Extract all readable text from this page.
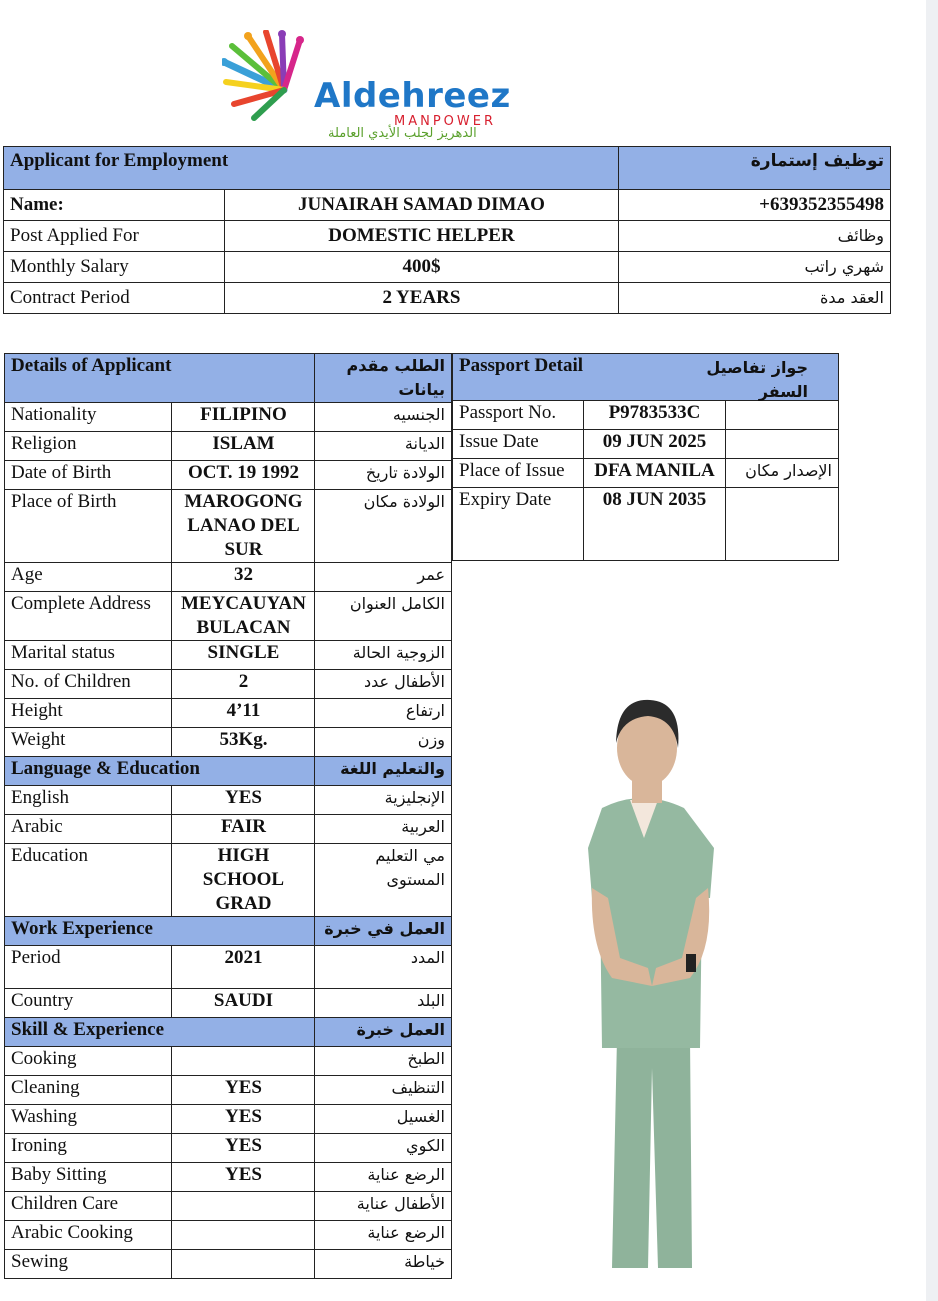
Aldehreez
MANPOWER
الدهريز لجلب الأيدي العاملة
Applicant for Employment		توظيف إستمارة
Name:	JUNAIRAH SAMAD DIMAO	+639352355498
Post Applied For	DOMESTIC HELPER	وظائف
Monthly Salary	400$	شهري راتب
Contract Period	2 YEARS	العقد مدة
Details of Applicant		الطلب مقدم بيانات
Nationality	FILIPINO	الجنسيه
Religion	ISLAM	الديانة
Date of Birth	OCT. 19 1992	الولادة تاريخ
Place of Birth	MAROGONG LANAO DEL SUR	الولادة مكان
Age	32	عمر
Complete Address	MEYCAUYAN BULACAN	الكامل العنوان
Marital status	SINGLE	الزوجية الحالة
No. of Children	2	الأطفال عدد
Height	4’11	ارتفاع
Weight	53Kg.	وزن
Language & Education		والتعليم اللغة
English	YES	الإنجليزية
Arabic	FAIR	العربية
Education	HIGH SCHOOL GRAD	مي التعليم المستوى
Work Experience		العمل في خبرة
Period	2021	المدد
Country	SAUDI	البلد
Skill & Experience		العمل خبرة
Cooking		الطبخ
Cleaning	YES	التنظيف
Washing	YES	الغسيل
Ironing	YES	الكوي
Baby Sitting	YES	الرضع عناية
Children Care		الأطفال عناية
Arabic Cooking		الرضع عناية
Sewing		خياطة
Passport Detail جواز تفاصيل السفر		

Passport No.	P9783533C	
Issue Date	09 JUN 2025	
Place of Issue	DFA MANILA	الإصدار مكان
Expiry Date	08 JUN 2035	
